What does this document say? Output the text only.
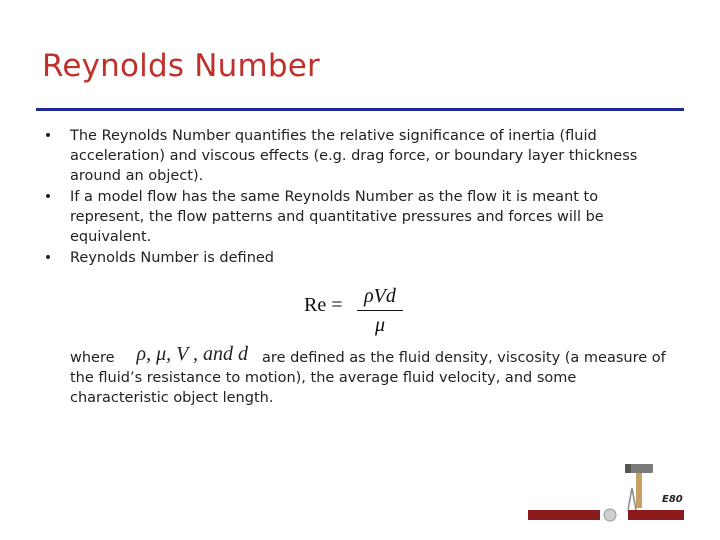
Reynolds Number
• The Reynolds Number quantifies the relative significance of inertia (fluid acceleration) and viscous effects (e.g. drag force, or boundary layer thickness around an object).
• If a model flow has the same Reynolds Number as the flow it is meant to represent, the flow patterns and quantitative pressures and forces will be equivalent.
• Reynolds Number is defined
Re =	ρVd
μ
where ρ, μ, V , and d are defined as the fluid density, viscosity (a measure of the fluid’s resistance to motion), the average fluid velocity, and some characteristic object length.
E80
